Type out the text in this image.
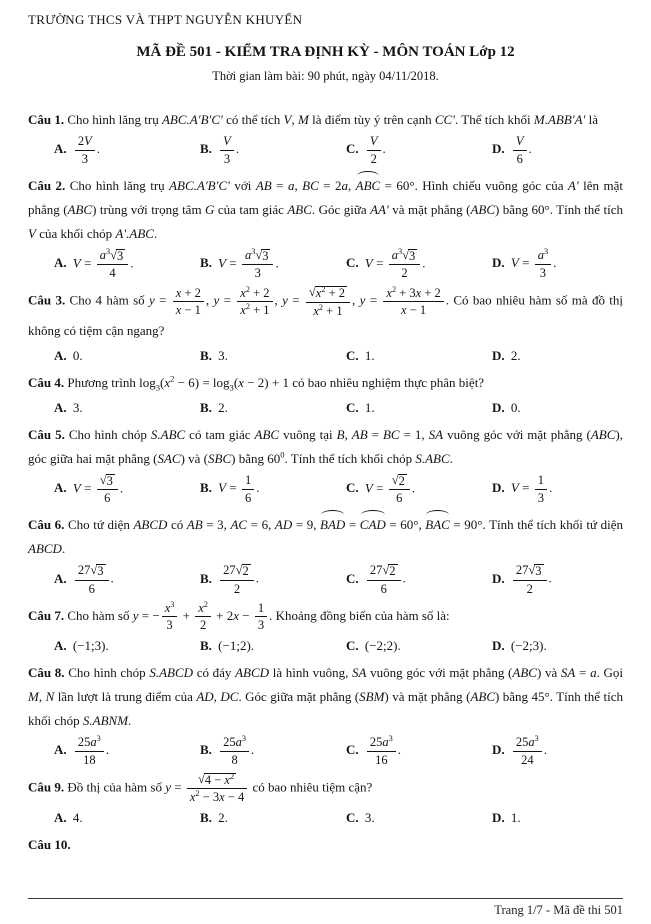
TRƯỜNG THCS VÀ THPT NGUYỄN KHUYẾN
MÃ ĐỀ 501 - KIỂM TRA ĐỊNH KỲ - MÔN TOÁN Lớp 12
Thời gian làm bài: 90 phút, ngày 04/11/2018.
Câu 1. Cho hình lăng trụ ABC.A′B′C′ có thể tích V, M là điểm tùy ý trên cạnh CC′. Thể tích khối M.ABB′A′ là
A. $\frac{2V}{3}$ .	B. $\frac{V}{3}$ .	C. $\frac{V}{2}$ .	D. $\frac{V}{6}$ .
Câu 2. Cho hình lăng trụ ABC.A′B′C′ với AB = a, BC = 2a, ABC = 60°. Hình chiếu vuông góc của A′ lên mặt phẳng (ABC) trùng với trọng tâm G của tam giác ABC. Góc giữa AA′ và mặt phẳng (ABC) bằng 60°. Tính thể tích V của khối chóp A′.ABC.
A. $V = \frac{a^3 √ 3}{4}$ .	B. $V = \frac{a^3 √ 3}{3}$ .	C. $V = \frac{a^3 √ 3}{2}$ .	D. $V = \frac{a^3}{3}$ .
Câu 3. Cho 4 hàm số $y = \frac{x + 2}{x - 1}$ , $y = \frac{x^2 + 2}{x^2 + 1}$ , $y = \frac{√ x^2 + 2}{x^2 + 1}$ , $y = \frac{x^2 + 3x + 2}{x - 1}$ . Có bao nhiêu hàm số mà đồ thị không có tiệm cận ngang?
A. 0.	B. 3.	C. 1.	D. 2.
Câu 4. Phương trình $\log_3(x^2 - 6) = \log_3(x - 2) + 1$ có bao nhiêu nghiệm thực phân biệt?
A. 3.	B. 2.	C. 1.	D. 0.
Câu 5. Cho hình chóp S.ABC có tam giác ABC vuông tại B, AB = BC = 1, SA vuông góc với mặt phẳng (ABC), góc giữa hai mặt phẳng (SAC) và (SBC) bằng $60^0$. Tính thể tích khối chóp S.ABC.
A. $V = \frac{√ 3}{6}$ .	B. $V = \frac{1}{6}$ .	C. $V = \frac{√ 2}{6}$ .	D. $V = \frac{1}{3}$ .
Câu 6. Cho tứ diện ABCD có AB = 3, AC = 6, AD = 9, BAD = CAD = 60°, BAC = 90°. Tính thể tích khối tứ diện ABCD.
A. $\frac{27 √ 3}{6}$ .	B. $\frac{27 √ 2}{2}$ .	C. $\frac{27 √ 2}{6}$ .	D. $\frac{27 √ 3}{2}$ .
Câu 7. Cho hàm số y = − $\frac{x^3}{3} + \frac{x^2}{2} + 2x - \frac{1}{3}$ . Khoảng đồng biến của hàm số là:
A. (−1;3).	B. (−1;2).	C. (−2;2).	D. (−2;3).
Câu 8. Cho hình chóp S.ABCD có đáy ABCD là hình vuông, SA vuông góc với mặt phẳng (ABC) và SA = a. Gọi M, N lần lượt là trung điểm của AD, DC. Góc giữa mặt phẳng (SBM) và mặt phẳng (ABC) bằng 45°. Tính thể tích khối chóp S.ABNM.
A. $\frac{25a^3}{18}$ .	B. $\frac{25a^3}{8}$ .	C. $\frac{25a^3}{16}$ .	D. $\frac{25a^3}{24}$ .
Câu 9. Đồ thị của hàm số $y = \frac{√ 4 - x^2}{x^2 - 3x - 4}$ có bao nhiêu tiệm cận?
A. 4.	B. 2.	C. 3.	D. 1.
Câu 10.
Trang 1/7 - Mã đề thi 501
